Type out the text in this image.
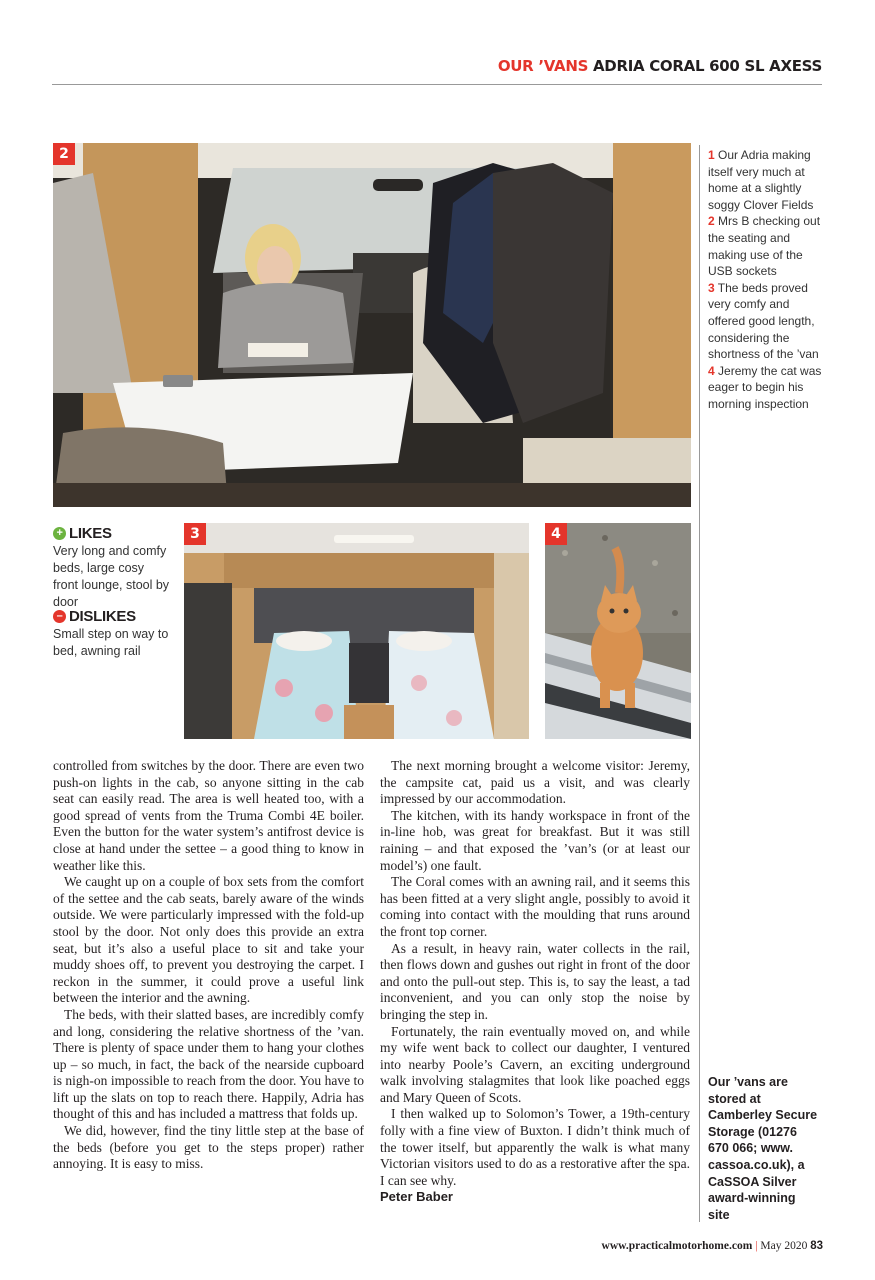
OUR ’VANS ADRIA CORAL 600 SL AXESS
2
3	4
1 Our Adria making itself very much at home at a slightly soggy Clover Fields
2 Mrs B checking out the seating and making use of the USB sockets
3 The beds proved very comfy and offered good length, considering the shortness of the ’van
4 Jeremy the cat was eager to begin his morning inspection
+ LIKES
Very long and comfy beds, large cosy front lounge, stool by door
– DISLIKES
Small step on way to bed, awning rail

controlled from switches by the door. There are even two push-on lights in the cab, so anyone sitting in the cab seat can easily read. The area is well heated too, with a good spread of vents from the Truma Combi 4E boiler. Even the button for the water system’s antifrost device is close at hand under the settee – a good thing to know in weather like this.

We caught up on a couple of box sets from the comfort of the settee and the cab seats, barely aware of the winds outside. We were particularly impressed with the fold-up stool by the door. Not only does this provide an extra seat, but it’s also a useful place to sit and take your muddy shoes off, to prevent you destroying the carpet. I reckon in the summer, it could prove a useful link between the interior and the awning.

The beds, with their slatted bases, are incredibly comfy and long, considering the relative shortness of the ’van. There is plenty of space under them to hang your clothes up – so much, in fact, the back of the nearside cupboard is nigh-on impossible to reach from the door. You have to lift up the slats on top to reach there. Happily, Adria has thought of this and has included a mattress that folds up.

We did, however, find the tiny little step at the base of the beds (before you get to the steps proper) rather annoying. It is easy to miss.

The next morning brought a welcome visitor: Jeremy, the campsite cat, paid us a visit, and was clearly impressed by our accommodation.

The kitchen, with its handy workspace in front of the in-line hob, was great for breakfast. But it was still raining – and that exposed the ’van’s (or at least our model’s) one fault.

The Coral comes with an awning rail, and it seems this has been fitted at a very slight angle, possibly to avoid it coming into contact with the moulding that runs around the front top corner.

As a result, in heavy rain, water collects in the rail, then flows down and gushes out right in front of the door and onto the pull-out step. This is, to say the least, a tad inconvenient, and you can only stop the noise by bringing the step in.

Fortunately, the rain eventually moved on, and while my wife went back to collect our daughter, I ventured into nearby Poole’s Cavern, an exciting underground walk involving stalagmites that look like poached eggs and Mary Queen of Scots.

I then walked up to Solomon’s Tower, a 19th-century folly with a fine view of Buxton. I didn’t think much of the tower itself, but apparently the walk is what many Victorian visitors used to do as a restorative after the spa. I can see why.

Peter Baber

Our ’vans are stored at Camberley Secure Storage (01276 670 066; www. cassoa.co.uk), a CaSSOA Silver award-winning site
www.practicalmotorhome.com | May 2020 83
